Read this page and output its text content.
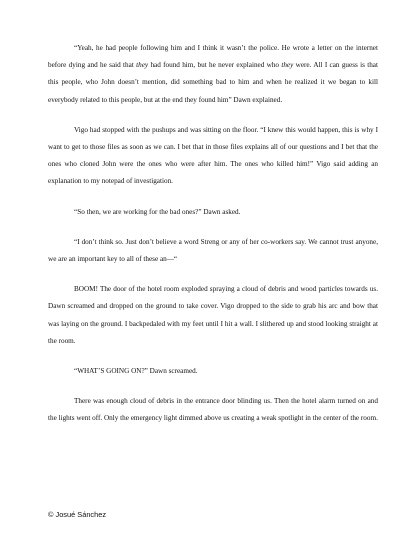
“Yeah, he had people following him and I think it wasn’t the police. He wrote a letter on the internet before dying and he said that they had found him, but he never explained who they were. All I can guess is that this people, who John doesn’t mention, did something bad to him and when he realized it we began to kill everybody related to this people, but at the end they found him” Dawn explained.

Vigo had stopped with the pushups and was sitting on the floor. “I knew this would happen, this is why I want to get to those files as soon as we can. I bet that in those files explains all of our questions and I bet that the ones who cloned John were the ones who were after him. The ones who killed him!” Vigo said adding an explanation to my notepad of investigation.

“So then, we are working for the bad ones?” Dawn asked.

“I don’t think so. Just don’t believe a word Streng or any of her co-workers say. We cannot trust anyone, we are an important key to all of these an—“

BOOM! The door of the hotel room exploded spraying a cloud of debris and wood particles towards us. Dawn screamed and dropped on the ground to take cover. Vigo dropped to the side to grab his arc and bow that was laying on the ground. I backpedaled with my feet until I hit a wall. I slithered up and stood looking straight at the room.

“WHAT’S GOING ON?” Dawn screamed.

There was enough cloud of debris in the entrance door blinding us. Then the hotel alarm turned on and the lights went off. Only the emergency light dimmed above us creating a weak spotlight in the center of the room.

© Josué Sánchez
